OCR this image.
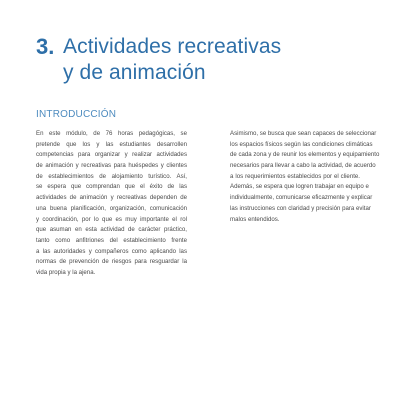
3. Actividades recreativas
y de animación
INTRODUCCIÓN
En este módulo, de 76 horas pedagógicas, se
pretende que los y las estudiantes desarrollen
competencias para organizar y realizar actividades
de animación y recreativas para huéspedes y clientes
de establecimientos de alojamiento turístico. Así,
se espera que comprendan que el éxito de las
actividades de animación y recreativas dependen de
una buena planificación, organización, comunicación
y coordinación, por lo que es muy importante el rol
que asuman en esta actividad de carácter práctico,
tanto como anfitriones del establecimiento frente
a las autoridades y compañeros como aplicando las
normas de prevención de riesgos para resguardar la
vida propia y la ajena.
Asimismo, se busca que sean capaces de seleccionar
los espacios físicos según las condiciones climáticas
de cada zona y de reunir los elementos y equipamiento
necesarios para llevar a cabo la actividad, de acuerdo
a los requerimientos establecidos por el cliente.
Además, se espera que logren trabajar en equipo e
individualmente, comunicarse eficazmente y explicar
las instrucciones con claridad y precisión para evitar
malos entendidos.
